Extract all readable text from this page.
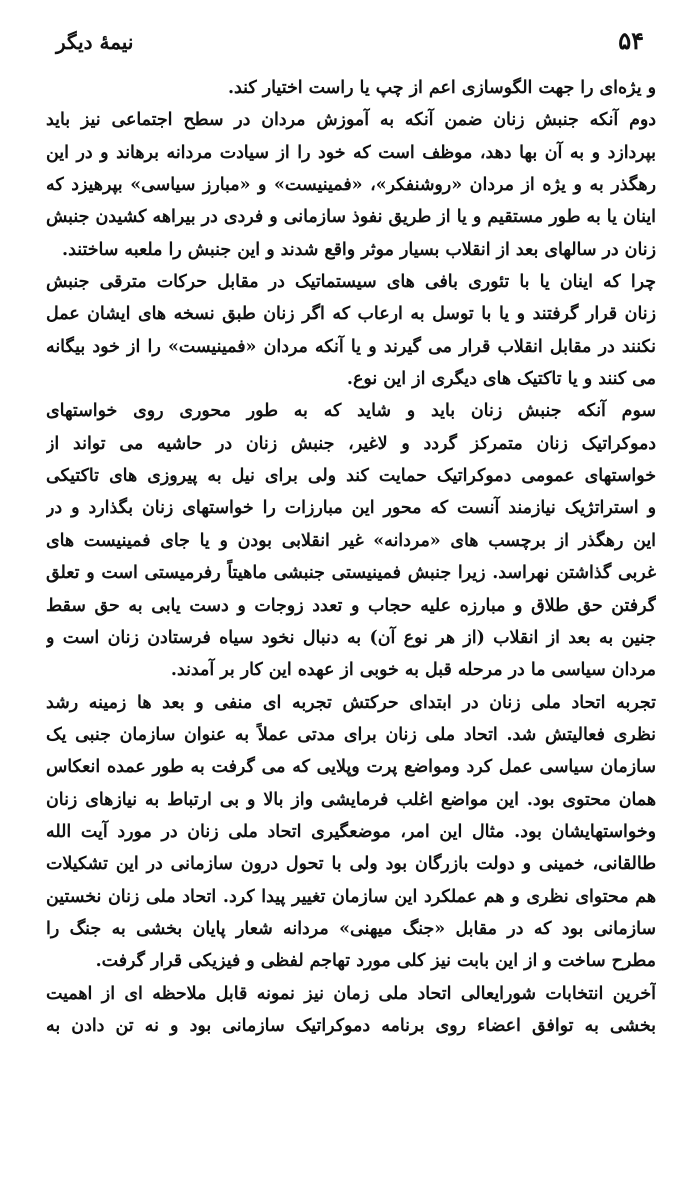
۵۴
نیمهٔ دیگر
و یژه‌ای را جهت الگوسازی اعم از چپ یا راست اختیار کند.
دوم آنکه جنبش زنان ضمن آنکه به آموزش مردان در سطح اجتماعی نیز باید
بپردازد و به آن بها دهد، موظف است که خود را از سیادت مردانه برهاند و در این
رهگذر به و یژه از مردان «روشنفکر»، «فمینیست» و «مبارز سیاسی» بپرهیزد که
اینان یا به طور مستقیم و یا از طریق نفوذ سازمانی و فردی در بیراهه کشیدن جنبش
زنان در سالهای بعد از انقلاب بسیار موثر واقع شدند و این جنبش را ملعبه ساختند.
چرا که اینان یا با تئوری بافی های سیستماتیک در مقابل حرکات مترقی جنبش
زنان قرار گرفتند و یا با توسل به ارعاب که اگر زنان طبق نسخه های ایشان عمل
نکنند در مقابل انقلاب قرار می گیرند و یا آنکه مردان «فمینیست» را از خود بیگانه
می کنند و یا تاکتیک های دیگری از این نوع.
سوم آنکه جنبش زنان باید و شاید که به طور محوری روی خواستهای
دموکراتیک زنان متمرکز گردد و لاغیر، جنبش زنان در حاشیه می تواند از
خواستهای عمومی دموکراتیک حمایت کند ولی برای نیل به پیروزی های تاکتیکی
و استراتژیک نیازمند آنست که محور این مبارزات را خواستهای زنان بگذارد و در
این رهگذر از برچسب های «مردانه» غیر انقلابی بودن و یا جای فمینیست های
غربی گذاشتن نهراسد. زیرا جنبش فمینیستی جنبشی ماهیتاً رفرمیستی است و تعلق
گرفتن حق طلاق و مبارزه علیه حجاب و تعدد زوجات و دست یابی به حق سقط
جنین به بعد از انقلاب (از هر نوع آن) به دنبال نخود سیاه فرستادن زنان است و
مردان سیاسی ما در مرحله قبل به خوبی از عهده این کار بر آمدند.
تجربه اتحاد ملی زنان در ابتدای حرکتش تجربه ای منفی و بعد ها زمینه رشد
نظری فعالیتش شد. اتحاد ملی زنان برای مدتی عملاً به عنوان سازمان جنبی یک
سازمان سیاسی عمل کرد ومواضع پرت وپلایی که می گرفت به طور عمده انعکاس
همان محتوی بود. این مواضع اغلب فرمایشی واز بالا و بی ارتباط به نیازهای زنان
وخواستهایشان بود. مثال این امر، موضعگیری اتحاد ملی زنان در مورد آیت الله
طالقانی، خمینی و دولت بازرگان بود ولی با تحول درون سازمانی در این تشکیلات
هم محتوای نظری و هم عملکرد این سازمان تغییر پیدا کرد. اتحاد ملی زنان نخستین
سازمانی بود که در مقابل «جنگ میهنی» مردانه شعار پایان بخشی به جنگ را
مطرح ساخت و از این بابت نیز کلی مورد تهاجم لفظی و فیزیکی قرار گرفت.
آخرین انتخابات شورایعالی اتحاد ملی زمان نیز نمونه قابل ملاحظه ای از اهمیت
بخشی به توافق اعضاء روی برنامه دموکراتیک سازمانی بود و نه تن دادن به
